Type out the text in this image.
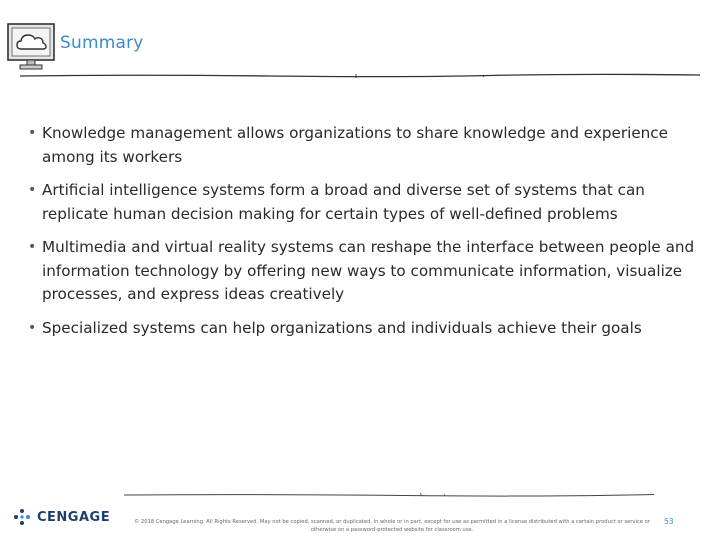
Summary
• Knowledge management allows organizations to share knowledge and experience among its workers
• Artificial intelligence systems form a broad and diverse set of systems that can replicate human decision making for certain types of well-defined problems
• Multimedia and virtual reality systems can reshape the interface between people and information technology by offering new ways to communicate information, visualize processes, and express ideas creatively
• Specialized systems can help organizations and individuals achieve their goals
CENGAGE	© 2018 Cengage Learning. All Rights Reserved. May not be copied, scanned, or duplicated, in whole or in part, except for use as permitted in a license distributed with a certain product or service or otherwise on a password-protected website for classroom use.
53
